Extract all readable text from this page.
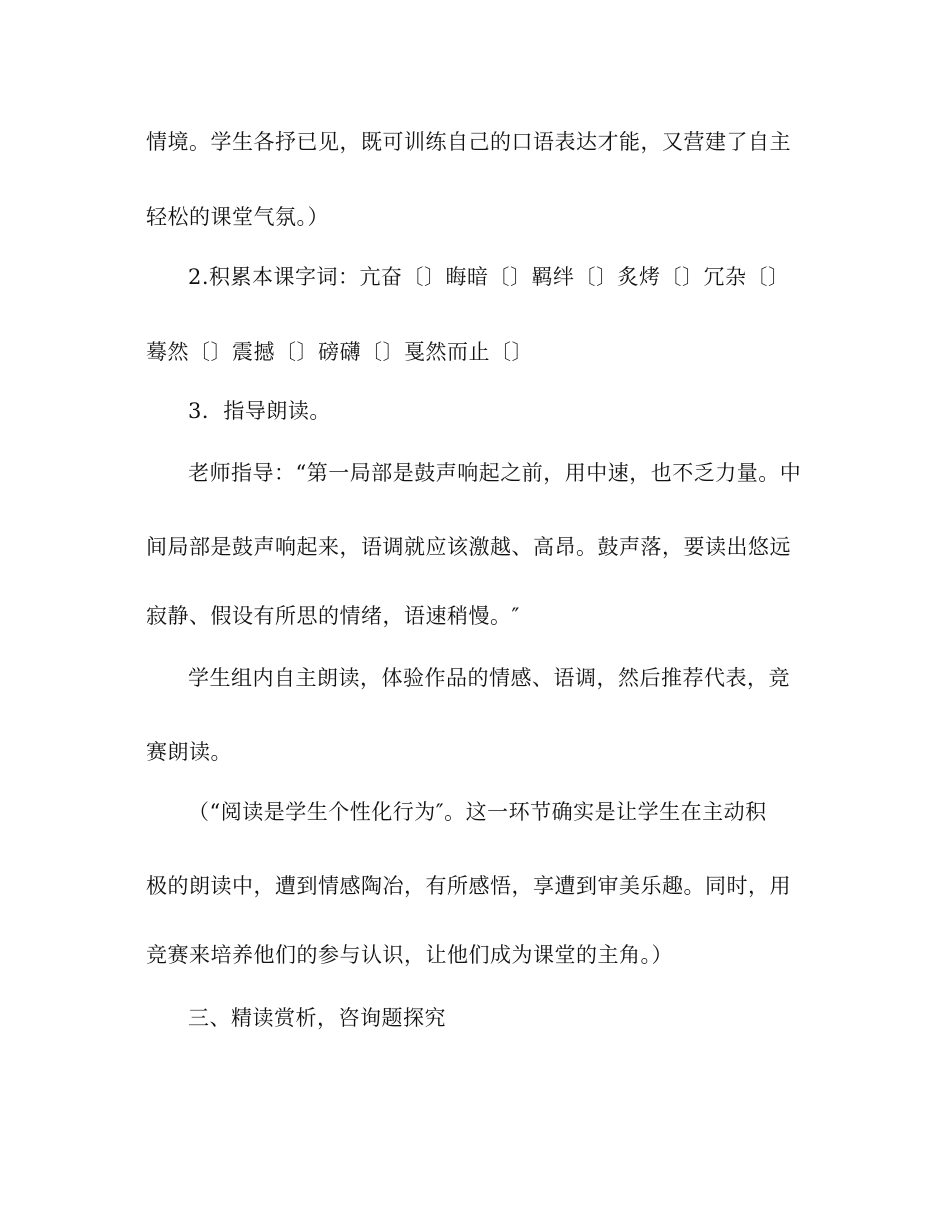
情境。学生各抒已见，既可训练自己的口语表达才能，又营建了自主
轻松的课堂气氛。）
2.积累本课字词：亢奋〔〕晦暗〔〕羁绊〔〕炙烤〔〕冗杂〔〕
蓦然〔〕震撼〔〕磅礴〔〕戛然而止〔〕
3．指导朗读。
老师指导：“第一局部是鼓声响起之前，用中速，也不乏力量。中
间局部是鼓声响起来，语调就应该激越、高昂。鼓声落，要读出悠远
寂静、假设有所思的情绪，语速稍慢。″
学生组内自主朗读，体验作品的情感、语调，然后推荐代表，竞
赛朗读。
（“阅读是学生个性化行为″。这一环节确实是让学生在主动积
极的朗读中，遭到情感陶冶，有所感悟，享遭到审美乐趣。同时，用
竞赛来培养他们的参与认识，让他们成为课堂的主角。）
三、精读赏析，咨询题探究
